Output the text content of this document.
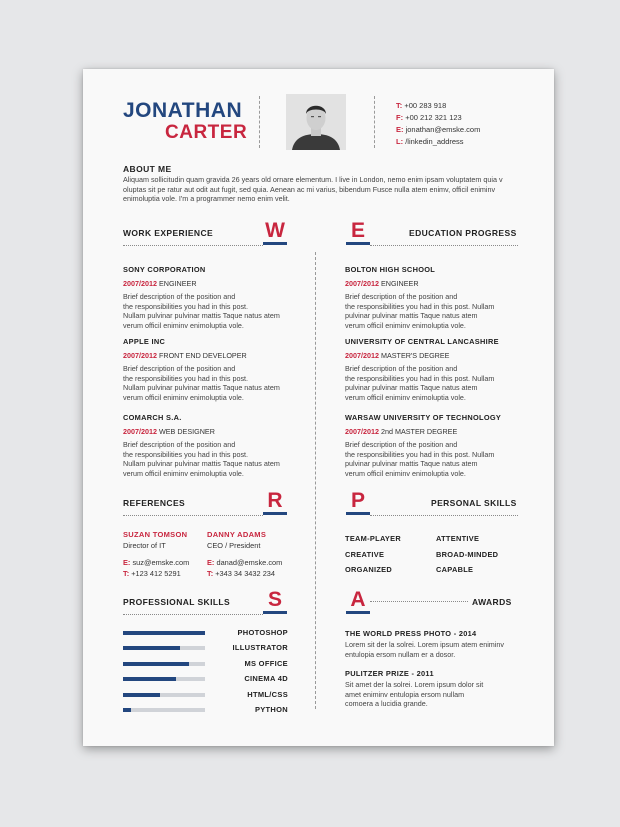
JONATHAN
CARTER
T: +00 283 918
F: +00 212 321 123
E: jonathan@emske.com
L: /linkedin_address
ABOUT ME
Aliquam sollicitudin quam gravida 26 years old ornare elementum. I live in London, nemo enim ipsam voluptatem quia v
oluptas sit pe ratur aut odit aut fugit, sed quia. Aenean ac mi varius, bibendum Fusce nulla atem enimv, officil eniminv
enimoluptia vole. I'm a programmer nemo enim velit.
WORK EXPERIENCE W	E	EDUCATION PROGRESS
SONY CORPORATION
2007/2012 ENGINEER
Brief description of the position and
the responsibilities you had in this post.
Nullam pulvinar pulvinar mattis Taque natus atem
verum officil eniminv enimoluptia vole.
APPLE INC
2007/2012 FRONT END DEVELOPER
Brief description of the position and
the responsibilities you had in this post.
Nullam pulvinar pulvinar mattis Taque natus atem
verum officil eniminv enimoluptia vole.
COMARCH S.A.
2007/2012 WEB DESIGNER
Brief description of the position and
the responsibilities you had in this post.
Nullam pulvinar pulvinar mattis Taque natus atem
verum officil eniminv enimoluptia vole.
BOLTON HIGH SCHOOL
2007/2012 ENGINEER
Brief description of the position and
the responsibilities you had in this post. Nullam
pulvinar pulvinar mattis Taque natus atem
verum officil eniminv enimoluptia vole.
UNIVERSITY OF CENTRAL LANCASHIRE
2007/2012 MASTER'S DEGREE
Brief description of the position and
the responsibilities you had in this post. Nullam
pulvinar pulvinar mattis Taque natus atem
verum officil eniminv enimoluptia vole.
WARSAW UNIVERSITY OF TECHNOLOGY
2007/2012 2nd MASTER DEGREE
Brief description of the position and
the responsibilities you had in this post. Nullam
pulvinar pulvinar mattis Taque natus atem
verum officil eniminv enimoluptia vole.
REFERENCES	R
SUZAN TOMSON
Director of IT
E: suz@emske.com
T: +123 412 5291
DANNY ADAMS
CEO / President
E: danad@emske.com
T: +343 34 3432 234
P	PERSONAL SKILLS
TEAM-PLAYER
CREATIVE
ORGANIZED
ATTENTIVE
BROAD-MINDED
CAPABLE
PROFESSIONAL SKILLS S
PHOTOSHOP
ILLUSTRATOR
MS OFFICE
CINEMA 4D
HTML/CSS
PYTHON
A	AWARDS
THE WORLD PRESS PHOTO - 2014
Lorem sit der la solrei. Lorem ipsum atem eniminv
entulopia ersom nullam er a dosor.
PULITZER PRIZE - 2011
Sit amet der la solrei. Lorem ipsum dolor sit
amet eniminv entulopia ersom nullam
comoera a lucidia grande.
